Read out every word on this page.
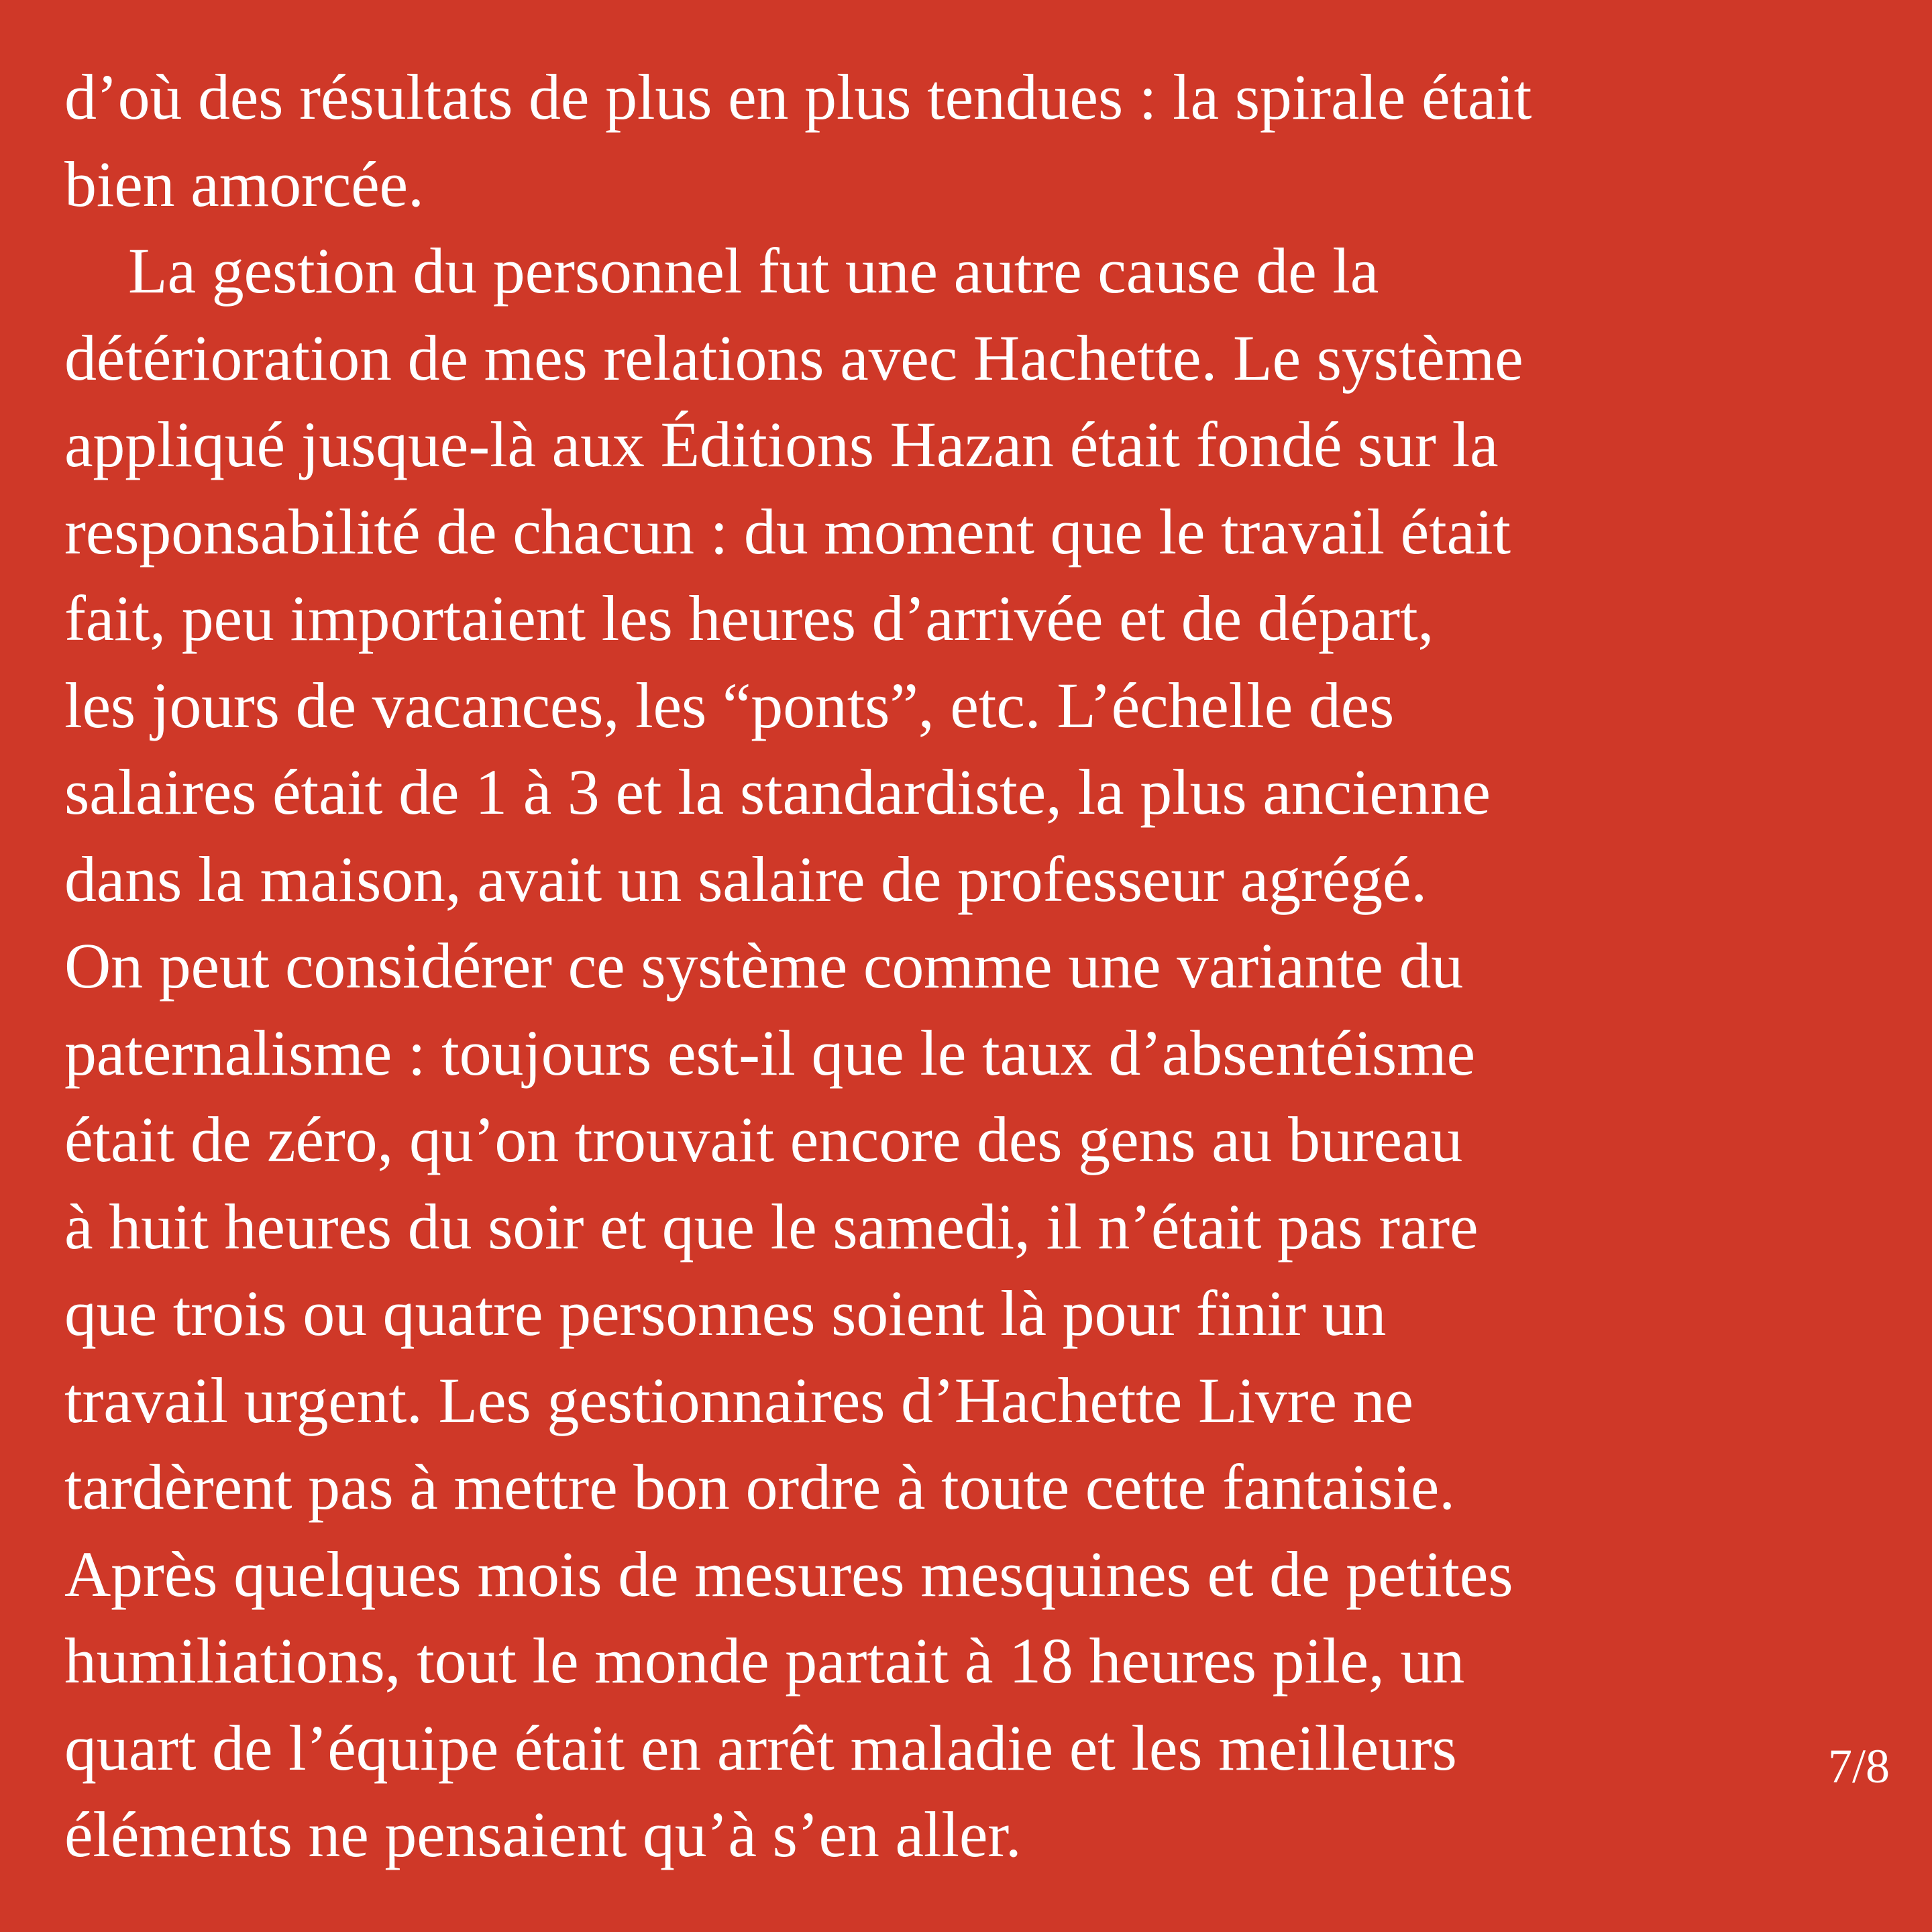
d’où des résultats de plus en plus tendues : la spirale était
bien amorcée.
La gestion du personnel fut une autre cause de la
détérioration de mes relations avec Hachette. Le système
appliqué jusque-là aux Éditions Hazan était fondé sur la
responsabilité de chacun : du moment que le travail était
fait, peu importaient les heures d’arrivée et de départ,
les jours de vacances, les “ponts”, etc. L’échelle des
salaires était de 1 à 3 et la standardiste, la plus ancienne
dans la maison, avait un salaire de professeur agrégé.
On peut considérer ce système comme une variante du
paternalisme : toujours est-il que le taux d’absentéisme
était de zéro, qu’on trouvait encore des gens au bureau
à huit heures du soir et que le samedi, il n’était pas rare
que trois ou quatre personnes soient là pour finir un
travail urgent. Les gestionnaires d’Hachette Livre ne
tardèrent pas à mettre bon ordre à toute cette fantaisie.
Après quelques mois de mesures mesquines et de petites
humiliations, tout le monde partait à 18 heures pile, un
quart de l’équipe était en arrêt maladie et les meilleurs
éléments ne pensaient qu’à s’en aller.
7/8
